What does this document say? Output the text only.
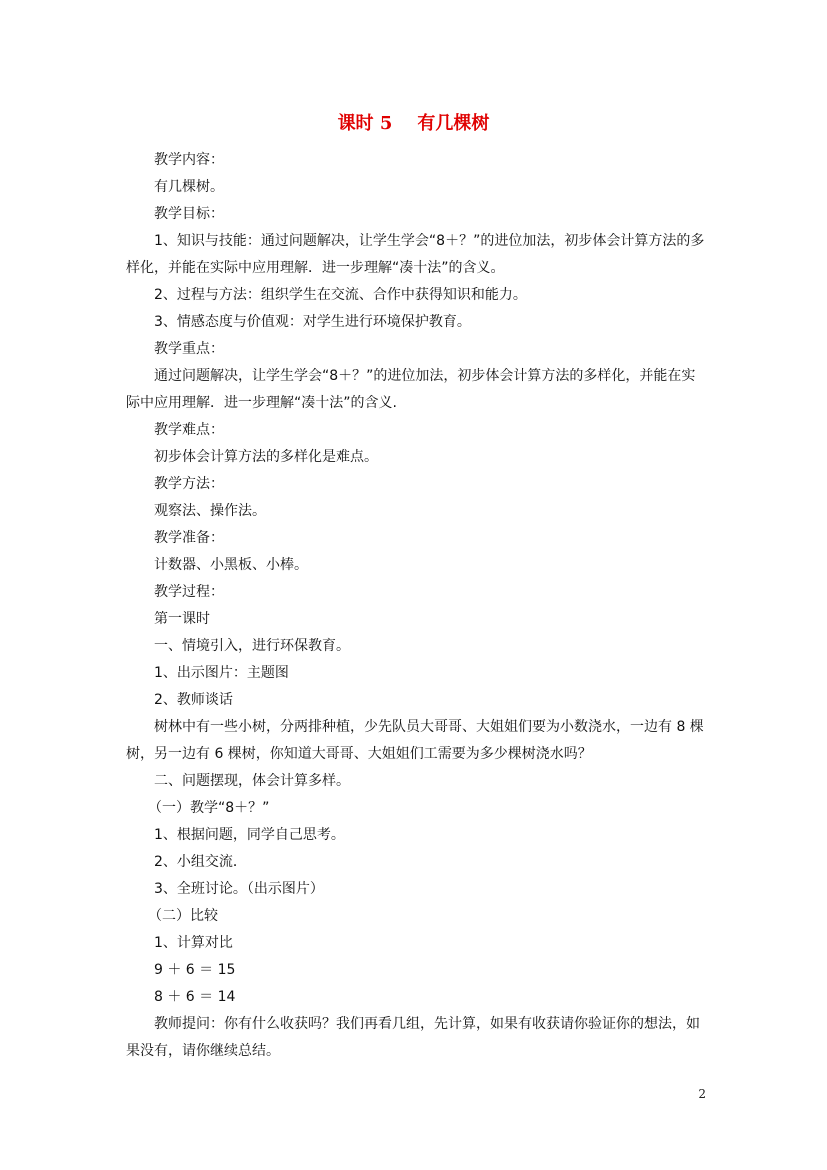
课时 5    有几棵树

教学内容：

有几棵树。

教学目标：

1、知识与技能：通过问题解决，让学生学会“8＋？”的进位加法，初步体会计算方法的多样化，并能在实际中应用理解．进一步理解“凑十法”的含义。

2、过程与方法：组织学生在交流、合作中获得知识和能力。

3、情感态度与价值观：对学生进行环境保护教育。

教学重点：

通过问题解决，让学生学会“8＋？”的进位加法，初步体会计算方法的多样化，并能在实际中应用理解．进一步理解“凑十法”的含义.

教学难点：

初步体会计算方法的多样化是难点。

教学方法：

观察法、操作法。

教学准备：

计数器、小黑板、小棒。

教学过程：

第一课时

一、情境引入，进行环保教育。

1、出示图片：主题图

2、教师谈话

树林中有一些小树，分两排种植，少先队员大哥哥、大姐姐们要为小数浇水，一边有 8 棵树，另一边有 6 棵树，你知道大哥哥、大姐姐们工需要为多少棵树浇水吗？

二、问题摆现，体会计算多样。

（一）教学“8＋？”

1、根据问题，同学自己思考。

2、小组交流．

3、全班讨论。（出示图片）

（二）比较

1、计算对比

9 ＋ 6 ＝ 15

8 ＋ 6 ＝ 14

教师提问：你有什么收获吗？我们再看几组，先计算，如果有收获请你验证你的想法，如果没有，请你继续总结。

2
